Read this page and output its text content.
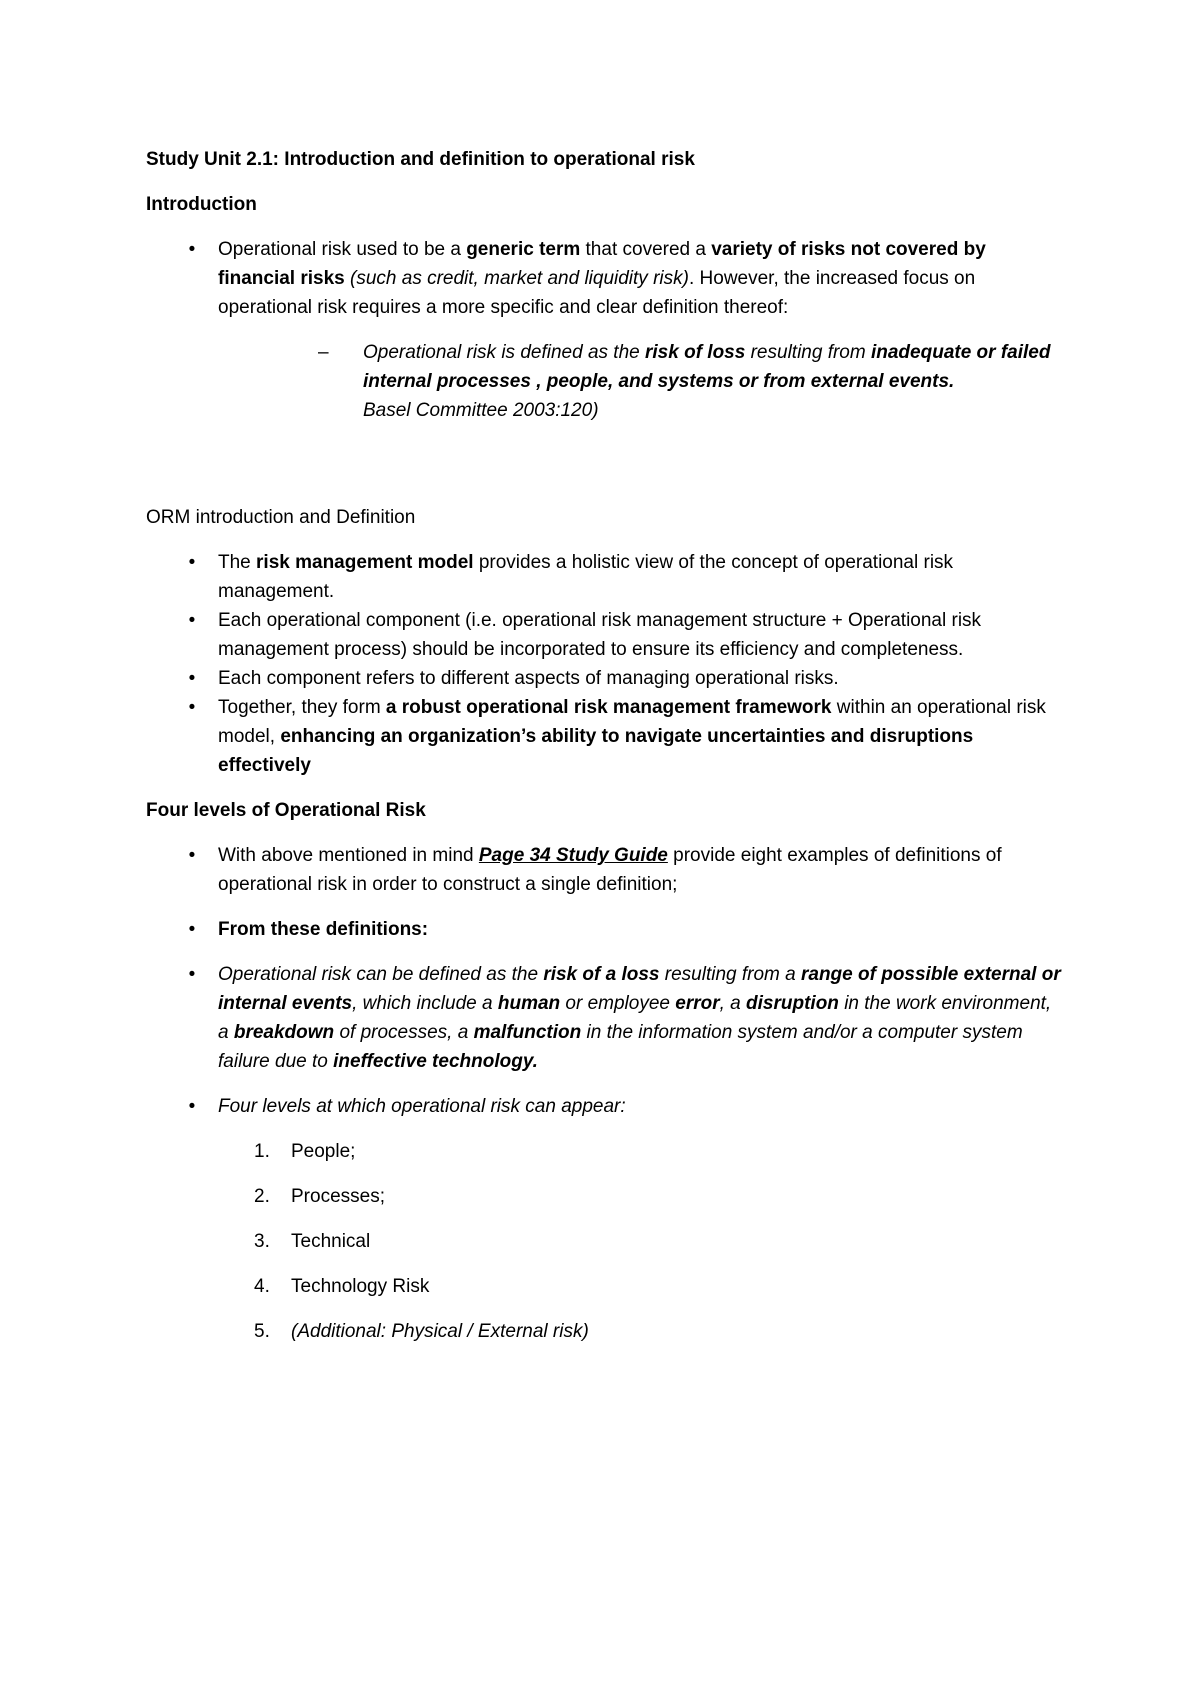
Study Unit 2.1: Introduction and definition to operational risk

Introduction

•	Operational risk used to be a generic term that covered a variety of risks not covered by financial risks (such as credit, market and liquidity risk). However, the increased focus on operational risk requires a more specific and clear definition thereof:
– Operational risk is defined as the risk of loss resulting from inadequate or failed internal processes , people, and systems or from external events.
Basel Committee 2003:120)

ORM introduction and Definition

•	The risk management model provides a holistic view of the concept of operational risk management.
•	Each operational component (i.e. operational risk management structure + Operational risk management process) should be incorporated to ensure its efficiency and completeness.
•	Each component refers to different aspects of managing operational risks.
•	Together, they form a robust operational risk management framework within an operational risk model, enhancing an organization’s ability to navigate uncertainties and disruptions effectively

Four levels of Operational Risk

•	With above mentioned in mind Page 34 Study Guide provide eight examples of definitions of operational risk in order to construct a single definition;
•	From these definitions:
•	Operational risk can be defined as the risk of a loss resulting from a range of possible external or internal events, which include a human or employee error, a disruption in the work environment, a breakdown of processes, a malfunction in the information system and/or a computer system failure due to ineffective technology.
•	Four levels at which operational risk can appear:
1. People;
2. Processes;
3. Technical
4. Technology Risk
5. (Additional: Physical / External risk)
